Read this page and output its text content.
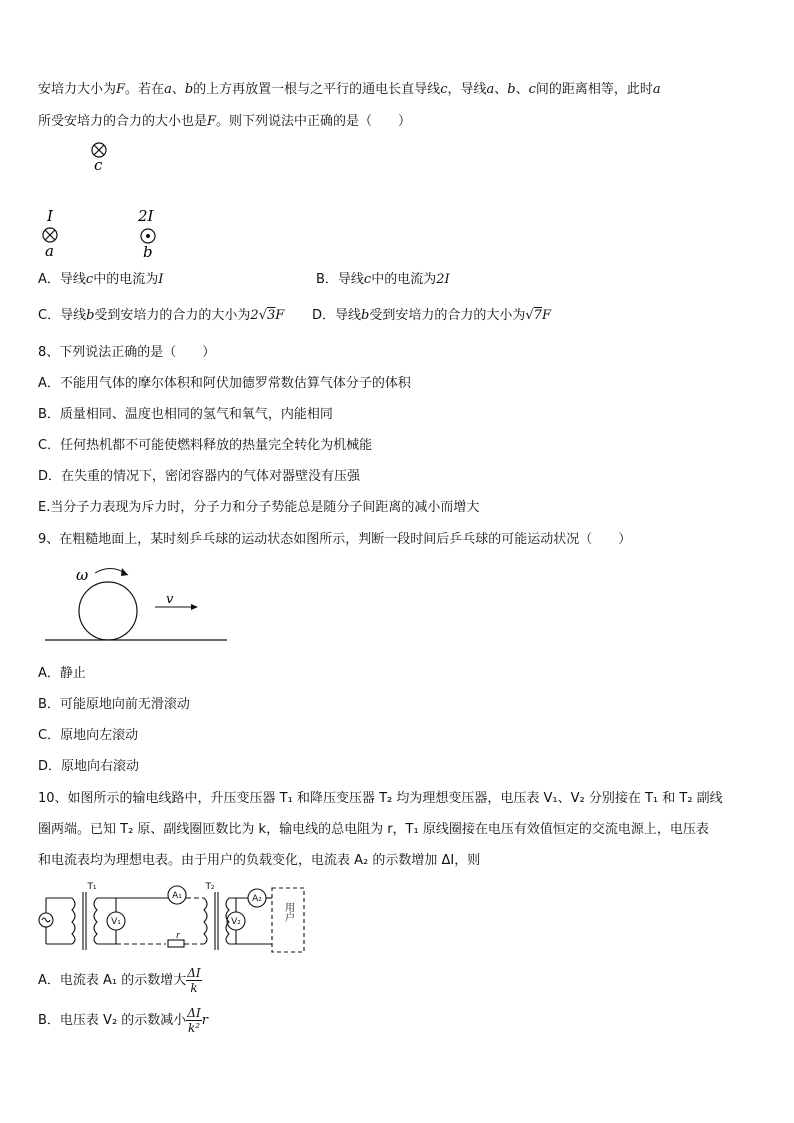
安培力大小为F。若在a、b的上方再放置一根与之平行的通电长直导线c，导线a、b、c间的距离相等，此时a
所受安培力的合力的大小也是F。则下列说法中正确的是（　　）
c
I
a
2I
b
A．导线c中的电流为I	B．导线c中的电流为2I
C．导线b受到安培力的合力的大小为2√3F D．导线b受到安培力的合力的大小为√7F
8、下列说法正确的是（　　）
A．不能用气体的摩尔体积和阿伏加德罗常数估算气体分子的体积
B．质量相同、温度也相同的氢气和氧气，内能相同
C．任何热机都不可能使燃料释放的热量完全转化为机械能
D．在失重的情况下，密闭容器内的气体对器壁没有压强
E.当分子力表现为斥力时，分子力和分子势能总是随分子间距离的减小而增大
9、在粗糙地面上，某时刻乒乓球的运动状态如图所示，判断一段时间后乒乓球的可能运动状况（　　）
ω
v
A．静止
B．可能原地向前无滑滚动
C．原地向左滚动
D．原地向右滚动
10、如图所示的输电线路中，升压变压器 T₁ 和降压变压器 T₂ 均为理想变压器，电压表 V₁、V₂ 分别接在 T₁ 和 T₂ 副线
圈两端。已知 T₂ 原、副线圈匝数比为 k，输电线的总电阻为 r，T₁ 原线圈接在电压有效值恒定的交流电源上，电压表
和电流表均为理想电表。由于用户的负载变化，电流表 A₂ 的示数增加 ΔI，则
T₁	T₂
V₁
A₁
V₂
A₂
r
用户
A．电流表 A₁ 的示数增大 $\frac{\Delta I}{k}$
B．电压表 V₂ 的示数减小 $\frac{\Delta I}{\text{k²}}$ r
